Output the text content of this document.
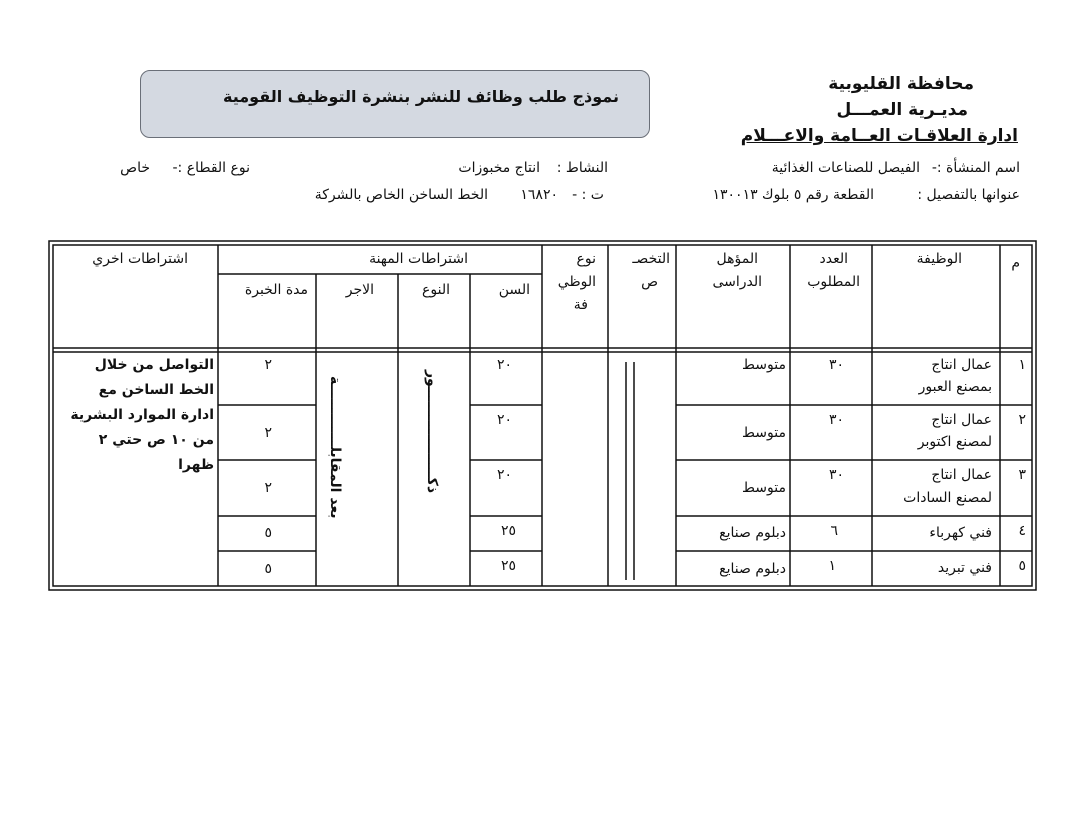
محافظة القليوبية
مديـرية العمـــل
ادارة العلاقـات العــامة والاعـــلام
نموذج طلب وظائف للنشر بنشرة التوظيف القومية
اسم المنشأة :-
الفيصل للصناعات الغذائية
النشاط :
انتاج مخبوزات
نوع القطاع :-
خاص
عنوانها بالتفصيل :
القطعة رقم ٥ بلوك ١٣٠٠١٣
ت : -
١٦٨٢٠
الخط الساخن الخاص بالشركة
م
الوظيفة
العدد
المطلوب
المؤهل
الدراسى
التخصـ
ص
نوع
الوظي
فة
اشتراطات المهنة
السن
النوع
الاجر
مدة الخبرة
اشتراطات اخري
١
عمال انتاج
بمصنع العبور
٣٠
متوسط
٢٠
٢
٢
عمال انتاج
لمصنع اكتوبر
٣٠
متوسط
٢٠
٢
٣
عمال انتاج
لمصنع السادات
٣٠
متوسط
٢٠
٢
٤
فني كهرباء
٦
دبلوم صنايع
٢٥
٥
٥
فني تبريد
١
دبلوم صنايع
٢٥
٥
ذكـــــــــــــــــــور
بعد المقابلـــــــــــــة
التواصل من خلال
الخط الساخن مع
ادارة الموارد البشرية
من ١٠ ص حتي ٢
ظهرا
